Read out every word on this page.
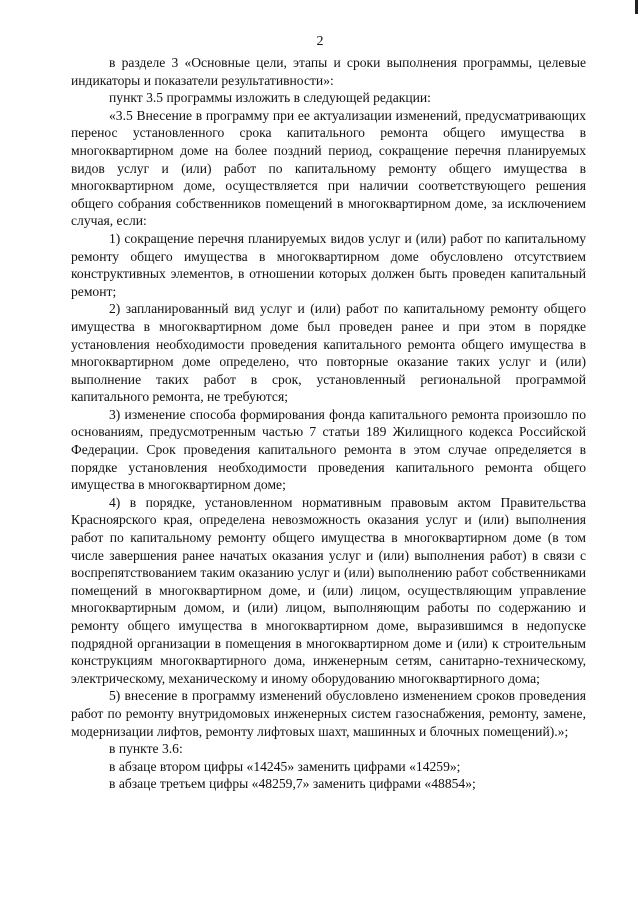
2

в разделе 3 «Основные цели, этапы и сроки выполнения программы, целевые индикаторы и показатели результативности»:

пункт 3.5 программы изложить в следующей редакции:

«3.5 Внесение в программу при ее актуализации изменений, предусматривающих перенос установленного срока капитального ремонта общего имущества в многоквартирном доме на более поздний период, сокращение перечня планируемых видов услуг и (или) работ по капитальному ремонту общего имущества в многоквартирном доме, осуществляется при наличии соответствующего решения общего собрания собственников помещений в многоквартирном доме, за исключением случая, если:

1) сокращение перечня планируемых видов услуг и (или) работ по капитальному ремонту общего имущества в многоквартирном доме обусловлено отсутствием конструктивных элементов, в отношении которых должен быть проведен капитальный ремонт;

2) запланированный вид услуг и (или) работ по капитальному ремонту общего имущества в многоквартирном доме был проведен ранее и при этом в порядке установления необходимости проведения капитального ремонта общего имущества в многоквартирном доме определено, что повторные оказание таких услуг и (или) выполнение таких работ в срок, установленный региональной программой капитального ремонта, не требуются;

3) изменение способа формирования фонда капитального ремонта произошло по основаниям, предусмотренным частью 7 статьи 189 Жилищного кодекса Российской Федерации. Срок проведения капитального ремонта в этом случае определяется в порядке установления необходимости проведения капитального ремонта общего имущества в многоквартирном доме;

4) в порядке, установленном нормативным правовым актом Правительства Красноярского края, определена невозможность оказания услуг и (или) выполнения работ по капитальному ремонту общего имущества в многоквартирном доме (в том числе завершения ранее начатых оказания услуг и (или) выполнения работ) в связи с воспрепятствованием таким оказанию услуг и (или) выполнению работ собственниками помещений в многоквартирном доме, и (или) лицом, осуществляющим управление многоквартирным домом, и (или) лицом, выполняющим работы по содержанию и ремонту общего имущества в многоквартирном доме, выразившимся в недопуске подрядной организации в помещения в многоквартирном доме и (или) к строительным конструкциям многоквартирного дома, инженерным сетям, санитарно-техническому, электрическому, механическому и иному оборудованию многоквартирного дома;

5) внесение в программу изменений обусловлено изменением сроков проведения работ по ремонту внутридомовых инженерных систем газоснабжения, ремонту, замене, модернизации лифтов, ремонту лифтовых шахт, машинных и блочных помещений).»;

в пункте 3.6:

в абзаце втором цифры «14245» заменить цифрами «14259»;

в абзаце третьем цифры «48259,7» заменить цифрами «48854»;
